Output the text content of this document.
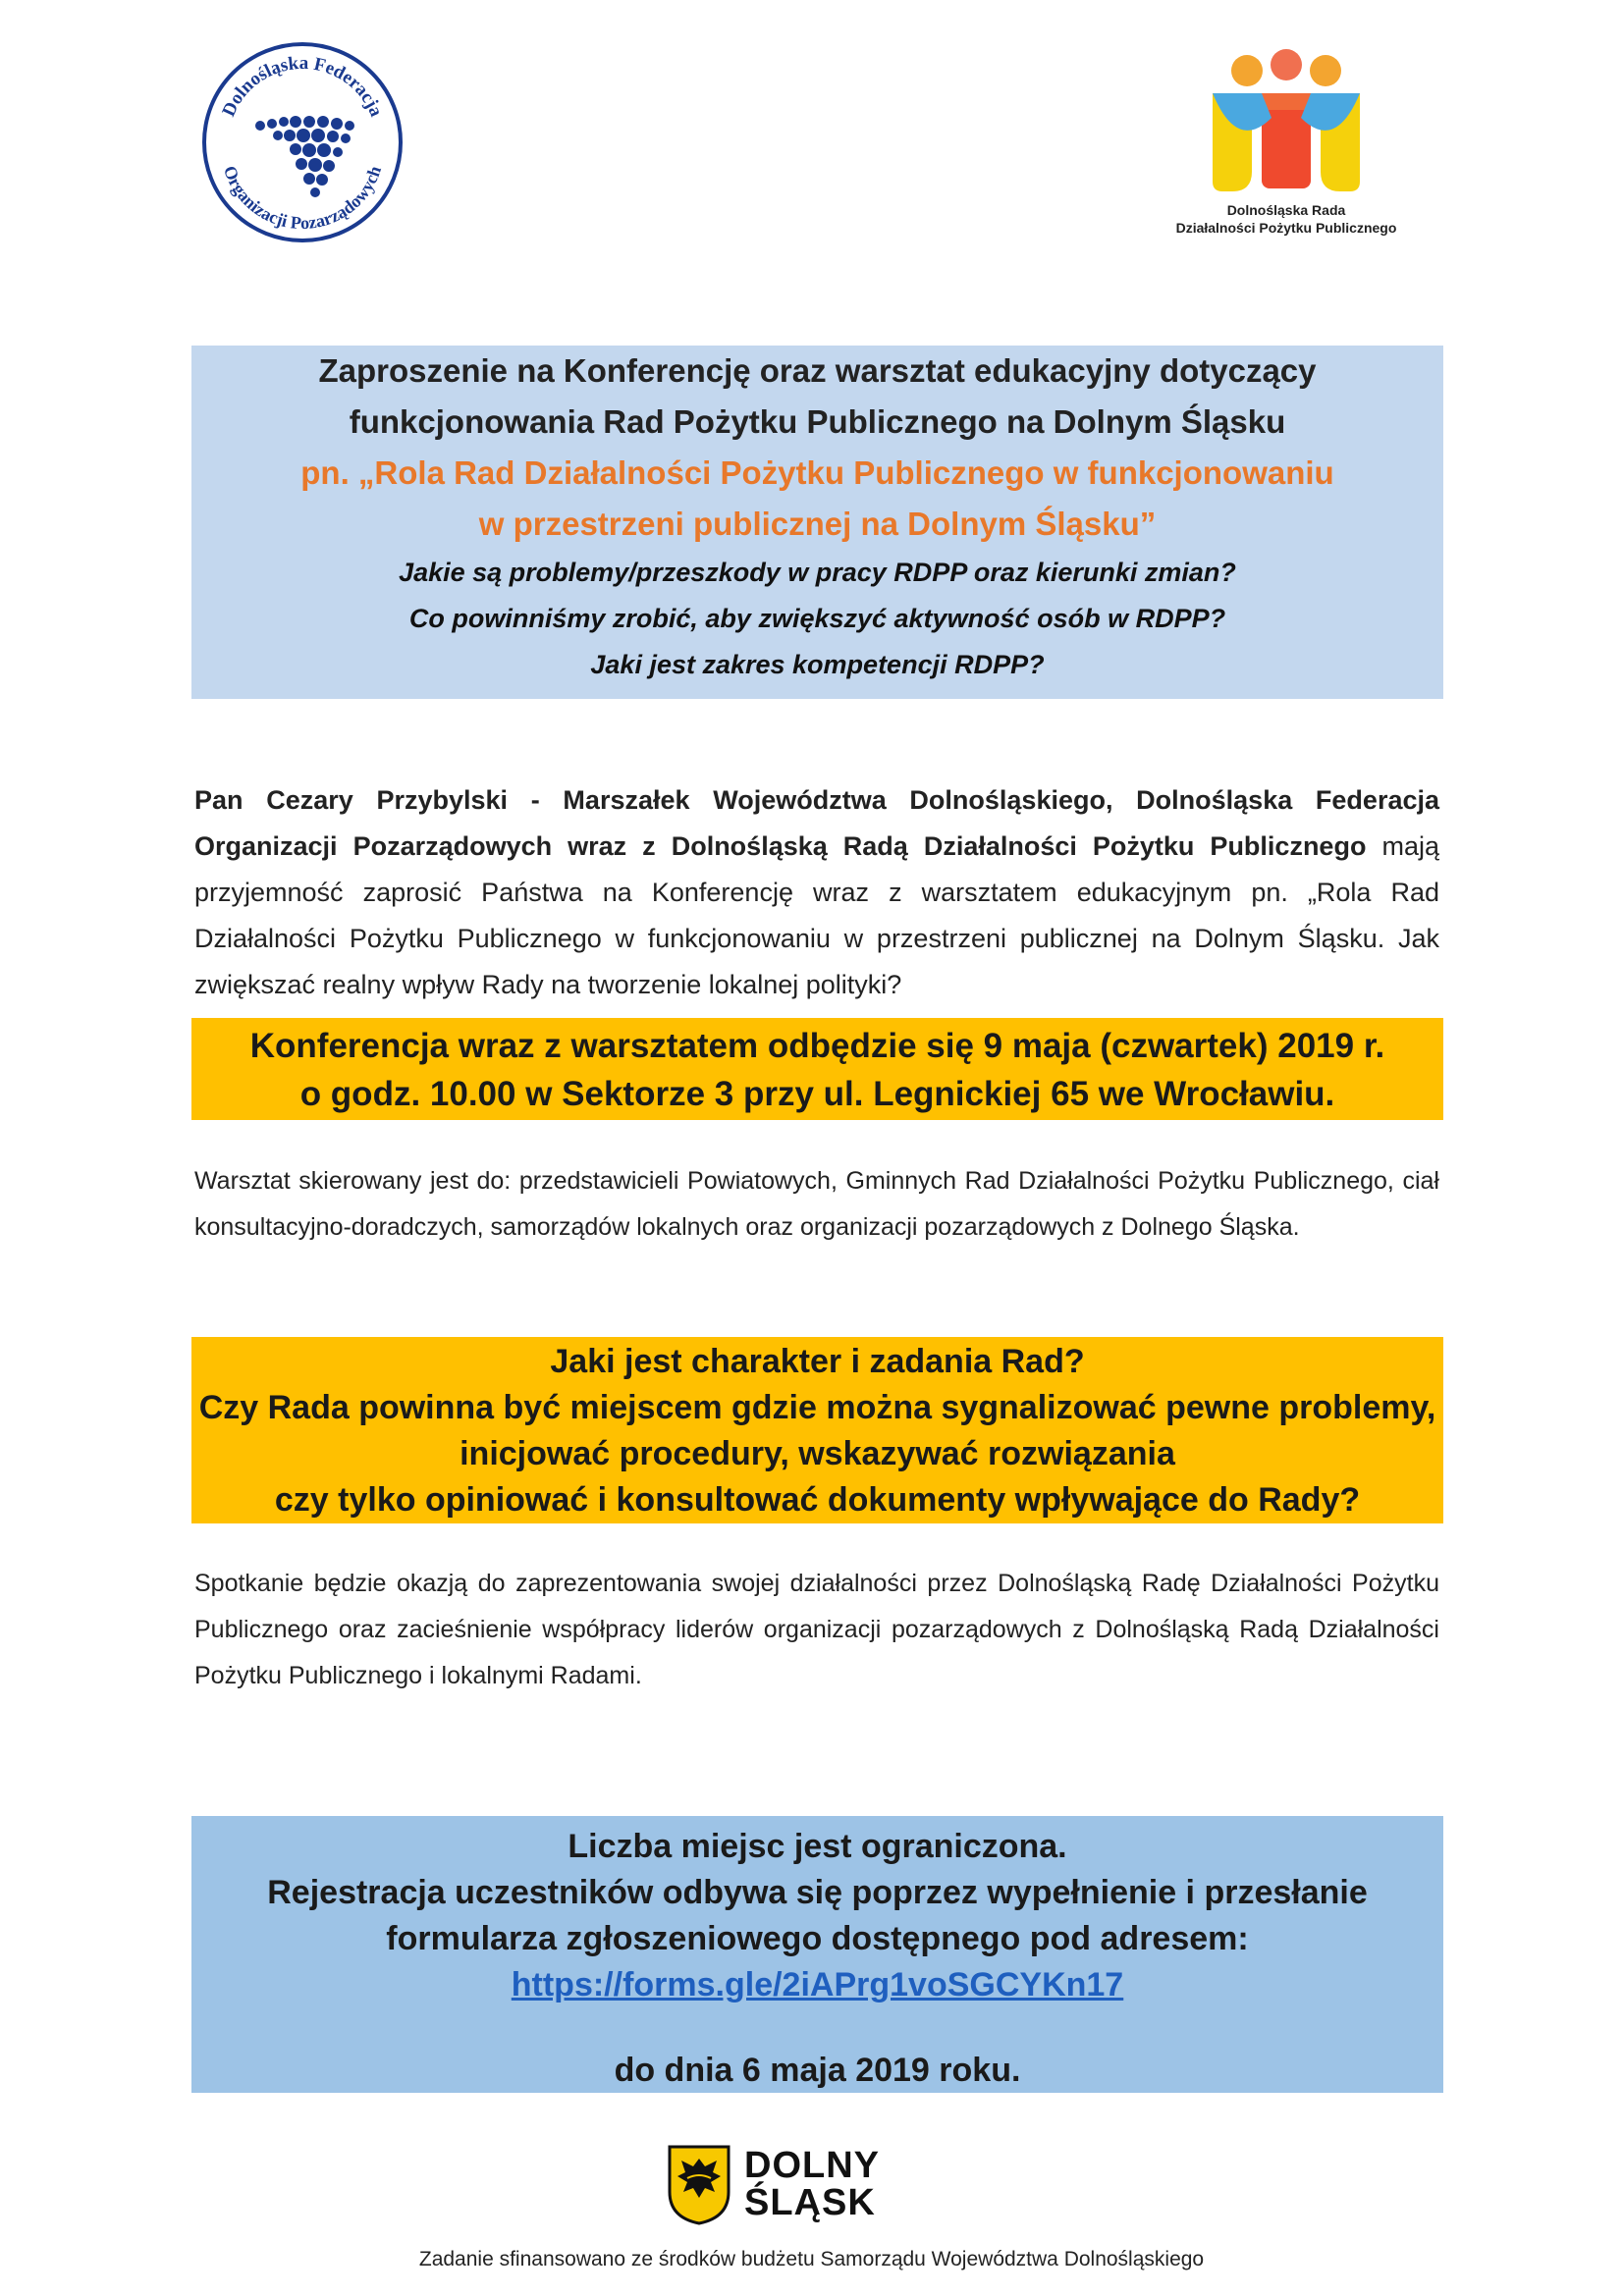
Dolnośląska Federacja
Organizacji Pozarządowych
Dolnośląska Rada
Działalności Pożytku Publicznego
Zaproszenie na Konferencję oraz warsztat edukacyjny dotyczący
funkcjonowania Rad Pożytku Publicznego na Dolnym Śląsku
pn. „Rola Rad Działalności Pożytku Publicznego w funkcjonowaniu
w przestrzeni publicznej na Dolnym Śląsku”
Jakie są problemy/przeszkody w pracy RDPP oraz kierunki zmian?
Co powinniśmy zrobić, aby zwiększyć aktywność osób w RDPP?
Jaki jest zakres kompetencji RDPP?
Pan Cezary Przybylski - Marszałek Województwa Dolnośląskiego, Dolnośląska Federacja Organizacji Pozarządowych wraz z Dolnośląską Radą Działalności Pożytku Publicznego mają przyjemność zaprosić Państwa na Konferencję wraz z warsztatem edukacyjnym pn. „Rola Rad Działalności Pożytku Publicznego w funkcjonowaniu w przestrzeni publicznej na Dolnym Śląsku. Jak zwiększać realny wpływ Rady na tworzenie lokalnej polityki?
Konferencja wraz z warsztatem odbędzie się 9 maja (czwartek) 2019 r.
o godz. 10.00 w Sektorze 3 przy ul. Legnickiej 65 we Wrocławiu.
Warsztat skierowany jest do: przedstawicieli Powiatowych, Gminnych Rad Działalności Pożytku Publicznego, ciał konsultacyjno-doradczych, samorządów lokalnych oraz organizacji pozarządowych z Dolnego Śląska.
Jaki jest charakter i zadania Rad?
Czy Rada powinna być miejscem gdzie można sygnalizować pewne problemy,
inicjować procedury, wskazywać rozwiązania
czy tylko opiniować i konsultować dokumenty wpływające do Rady?
Spotkanie będzie okazją do zaprezentowania swojej działalności przez Dolnośląską Radę Działalności Pożytku Publicznego oraz zacieśnienie współpracy liderów organizacji pozarządowych z Dolnośląską Radą Działalności Pożytku Publicznego i lokalnymi Radami.
Liczba miejsc jest ograniczona.
Rejestracja uczestników odbywa się poprzez wypełnienie i przesłanie
formularza zgłoszeniowego dostępnego pod adresem:
https://forms.gle/2iAPrg1voSGCYKn17
do dnia 6 maja 2019 roku.
DOLNY
ŚLĄSK
Zadanie sfinansowano ze środków budżetu Samorządu Województwa Dolnośląskiego
